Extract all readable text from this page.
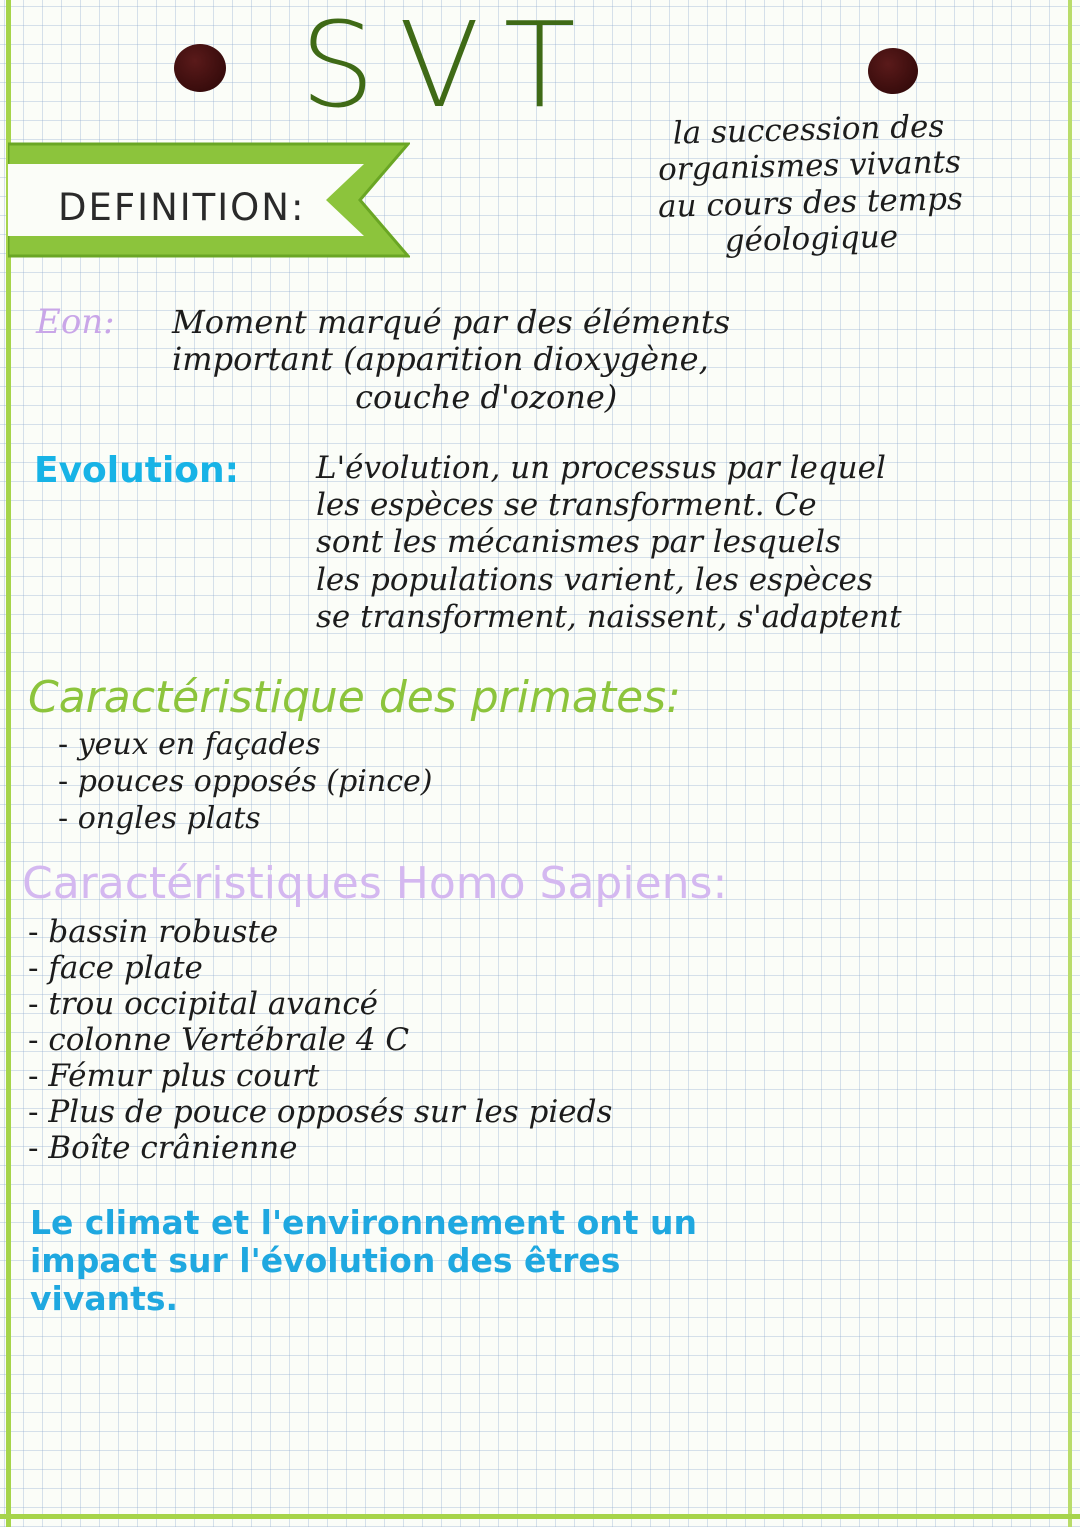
SVT
DEFINITION:
la succession des
organismes vivants
au cours des temps
géologique
Eon: Moment marqué par des éléments
important (apparition dioxygène,
couche d'ozone)
Evolution: L'évolution, un processus par lequel
les espèces se transforment. Ce
sont les mécanismes par lesquels
les populations varient, les espèces
se transforment, naissent, s'adaptent
Caractéristique des primates:
- yeux en façades
- pouces opposés (pince)
- ongles plats
Caractéristiques Homo Sapiens:
- bassin robuste
- face plate
- trou occipital avancé
- colonne Vertébrale 4 C
- Fémur plus court
- Plus de pouce opposés sur les pieds
- Boîte crânienne
Le climat et l'environnement ont un
impact sur l'évolution des êtres
vivants.
